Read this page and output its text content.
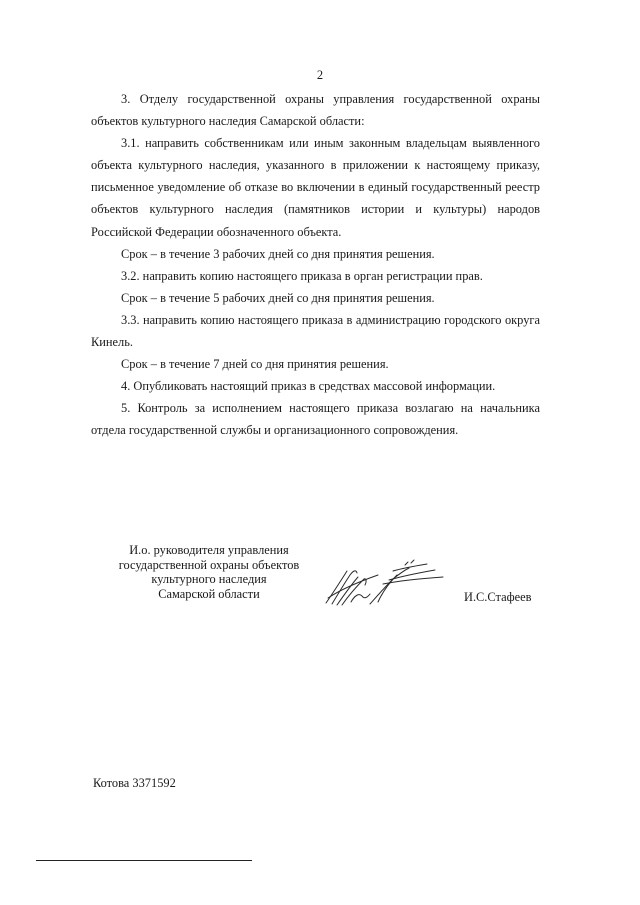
2

3. Отделу государственной охраны управления государственной охраны объектов культурного наследия Самарской области:

3.1. направить собственникам или иным законным владельцам выявленного объекта культурного наследия, указанного в приложении к настоящему приказу, письменное уведомление об отказе во включении в единый государственный реестр объектов культурного наследия (памятников истории и культуры) народов Российской Федерации обозначенного объекта.

Срок – в течение 3 рабочих дней со дня принятия решения.

3.2. направить копию настоящего приказа в орган регистрации прав.

Срок – в течение 5 рабочих дней со дня принятия решения.

3.3. направить копию настоящего приказа в администрацию городского округа Кинель.

Срок – в течение 7 дней со дня принятия решения.

4. Опубликовать настоящий приказ в средствах массовой информации.

5. Контроль за исполнением настоящего приказа возлагаю на начальника отдела государственной службы и организационного сопровождения.

И.о. руководителя управления
государственной охраны объектов
культурного наследия
Самарской области	И.С.Стафеев
Котова 3371592
